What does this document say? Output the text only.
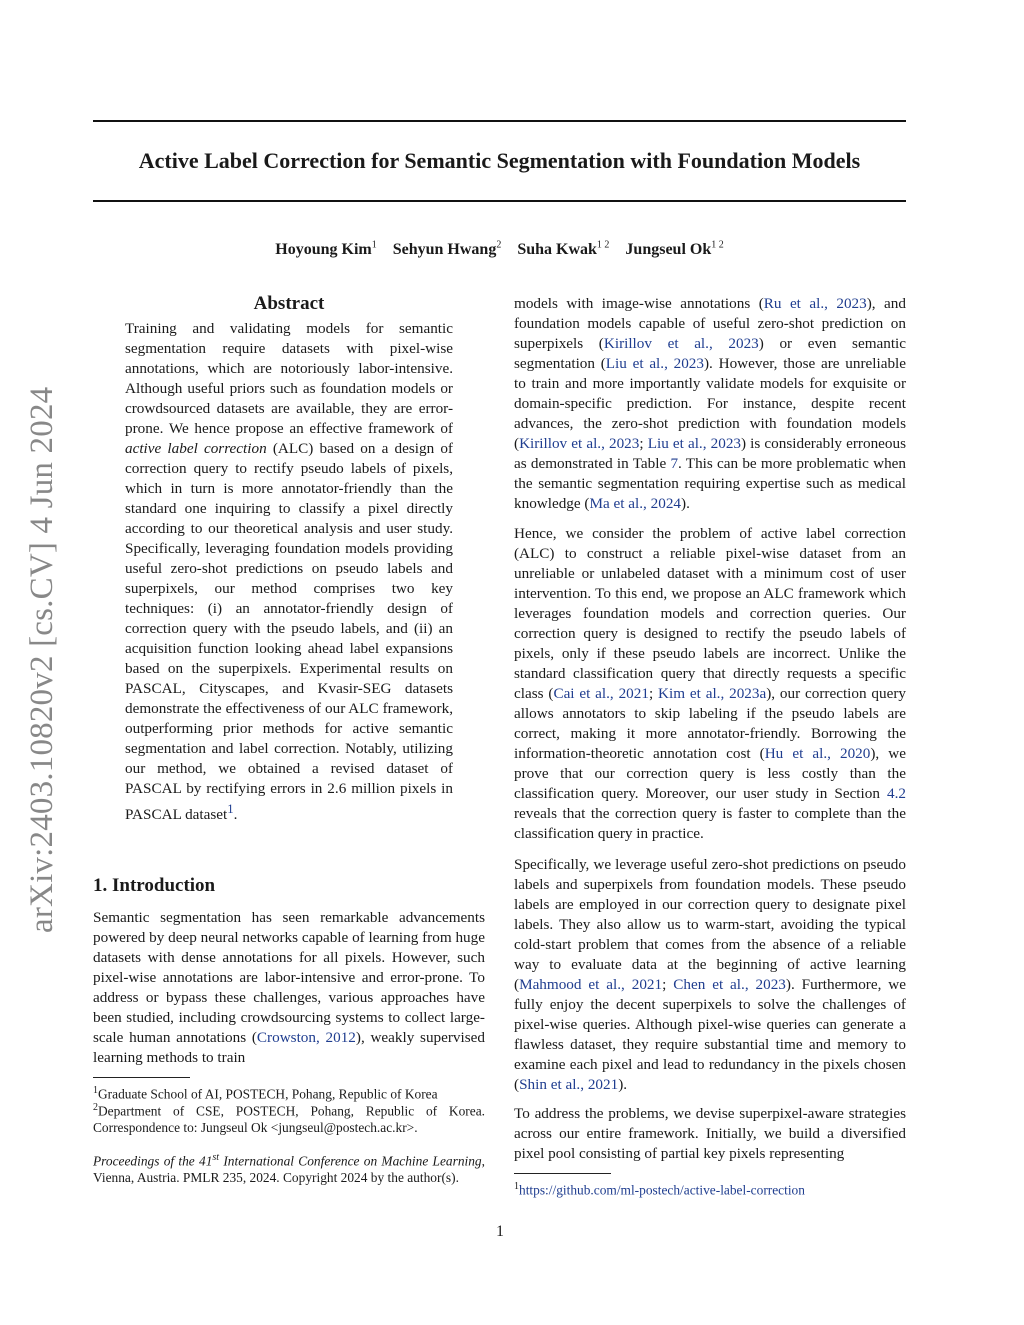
arXiv:2403.10820v2 [cs.CV] 4 Jun 2024
Active Label Correction for Semantic Segmentation with Foundation Models
Hoyoung Kim$^1$ Sehyun Hwang$^2$ Suha Kwak$^{1 2}$ Jungseul $Ok^{1 2}$
Abstract

Training and validating models for semantic segmentation require datasets with pixel-wise annotations, which are notoriously labor-intensive. Although useful priors such as foundation models or crowdsourced datasets are available, they are error-prone. We hence propose an effective framework of active label correction (ALC) based on a design of correction query to rectify pseudo labels of pixels, which in turn is more annotator-friendly than the standard one inquiring to classify a pixel directly according to our theoretical analysis and user study. Specifically, leveraging foundation models providing useful zero-shot predictions on pseudo labels and superpixels, our method comprises two key techniques: (i) an annotator-friendly design of correction query with the pseudo labels, and (ii) an acquisition function looking ahead label expansions based on the superpixels. Experimental results on PASCAL, Cityscapes, and Kvasir-SEG datasets demonstrate the effectiveness of our ALC framework, outperforming prior methods for active semantic segmentation and label correction. Notably, utilizing our method, we obtained a revised dataset of PASCAL by rectifying errors in 2.6 million pixels in PASCAL dataset$^1$.

1. Introduction

Semantic segmentation has seen remarkable advancements powered by deep neural networks capable of learning from huge datasets with dense annotations for all pixels. However, such pixel-wise annotations are labor-intensive and error-prone. To address or bypass these challenges, various approaches have been studied, including crowdsourcing systems to collect large-scale human annotations (Crowston, 2012), weakly supervised learning methods to train

$^1$Graduate School of AI, POSTECH, Pohang, Republic of Korea

$^2$Department of CSE, POSTECH, Pohang, Republic of Korea. Correspondence to: Jungseul Ok <jungseul@postech.ac.kr>.

Proceedings of the 41st International Conference on Machine Learning, Vienna, Austria. PMLR 235, 2024. Copyright 2024 by the author(s).

models with image-wise annotations (Ru et al., 2023), and foundation models capable of useful zero-shot prediction on superpixels (Kirillov et al., 2023) or even semantic segmentation (Liu et al., 2023). However, those are unreliable to train and more importantly validate models for exquisite or domain-specific prediction. For instance, despite recent advances, the zero-shot prediction with foundation models (Kirillov et al., 2023; Liu et al., 2023) is considerably erroneous as demonstrated in Table 7. This can be more problematic when the semantic segmentation requiring expertise such as medical knowledge (Ma et al., 2024).

Hence, we consider the problem of active label correction (ALC) to construct a reliable pixel-wise dataset from an unreliable or unlabeled dataset with a minimum cost of user intervention. To this end, we propose an ALC framework which leverages foundation models and correction queries. Our correction query is designed to rectify the pseudo labels of pixels, only if these pseudo labels are incorrect. Unlike the standard classification query that directly requests a specific class (Cai et al., 2021; Kim et al., 2023a), our correction query allows annotators to skip labeling if the pseudo labels are correct, making it more annotator-friendly. Borrowing the information-theoretic annotation cost (Hu et al., 2020), we prove that our correction query is less costly than the classification query. Moreover, our user study in Section 4.2 reveals that the correction query is faster to complete than the classification query in practice.

Specifically, we leverage useful zero-shot predictions on pseudo labels and superpixels from foundation models. These pseudo labels are employed in our correction query to designate pixel labels. They also allow us to warm-start, avoiding the typical cold-start problem that comes from the absence of a reliable way to evaluate data at the beginning of active learning (Mahmood et al., 2021; Chen et al., 2023). Furthermore, we fully enjoy the decent superpixels to solve the challenges of pixel-wise queries. Although pixel-wise queries can generate a flawless dataset, they require substantial time and memory to examine each pixel and lead to redundancy in the pixels chosen (Shin et al., 2021).

To address the problems, we devise superpixel-aware strategies across our entire framework. Initially, we build a diversified pixel pool consisting of partial key pixels representing

$^1$https://github.com/ml-postech/active-label-correction

1
